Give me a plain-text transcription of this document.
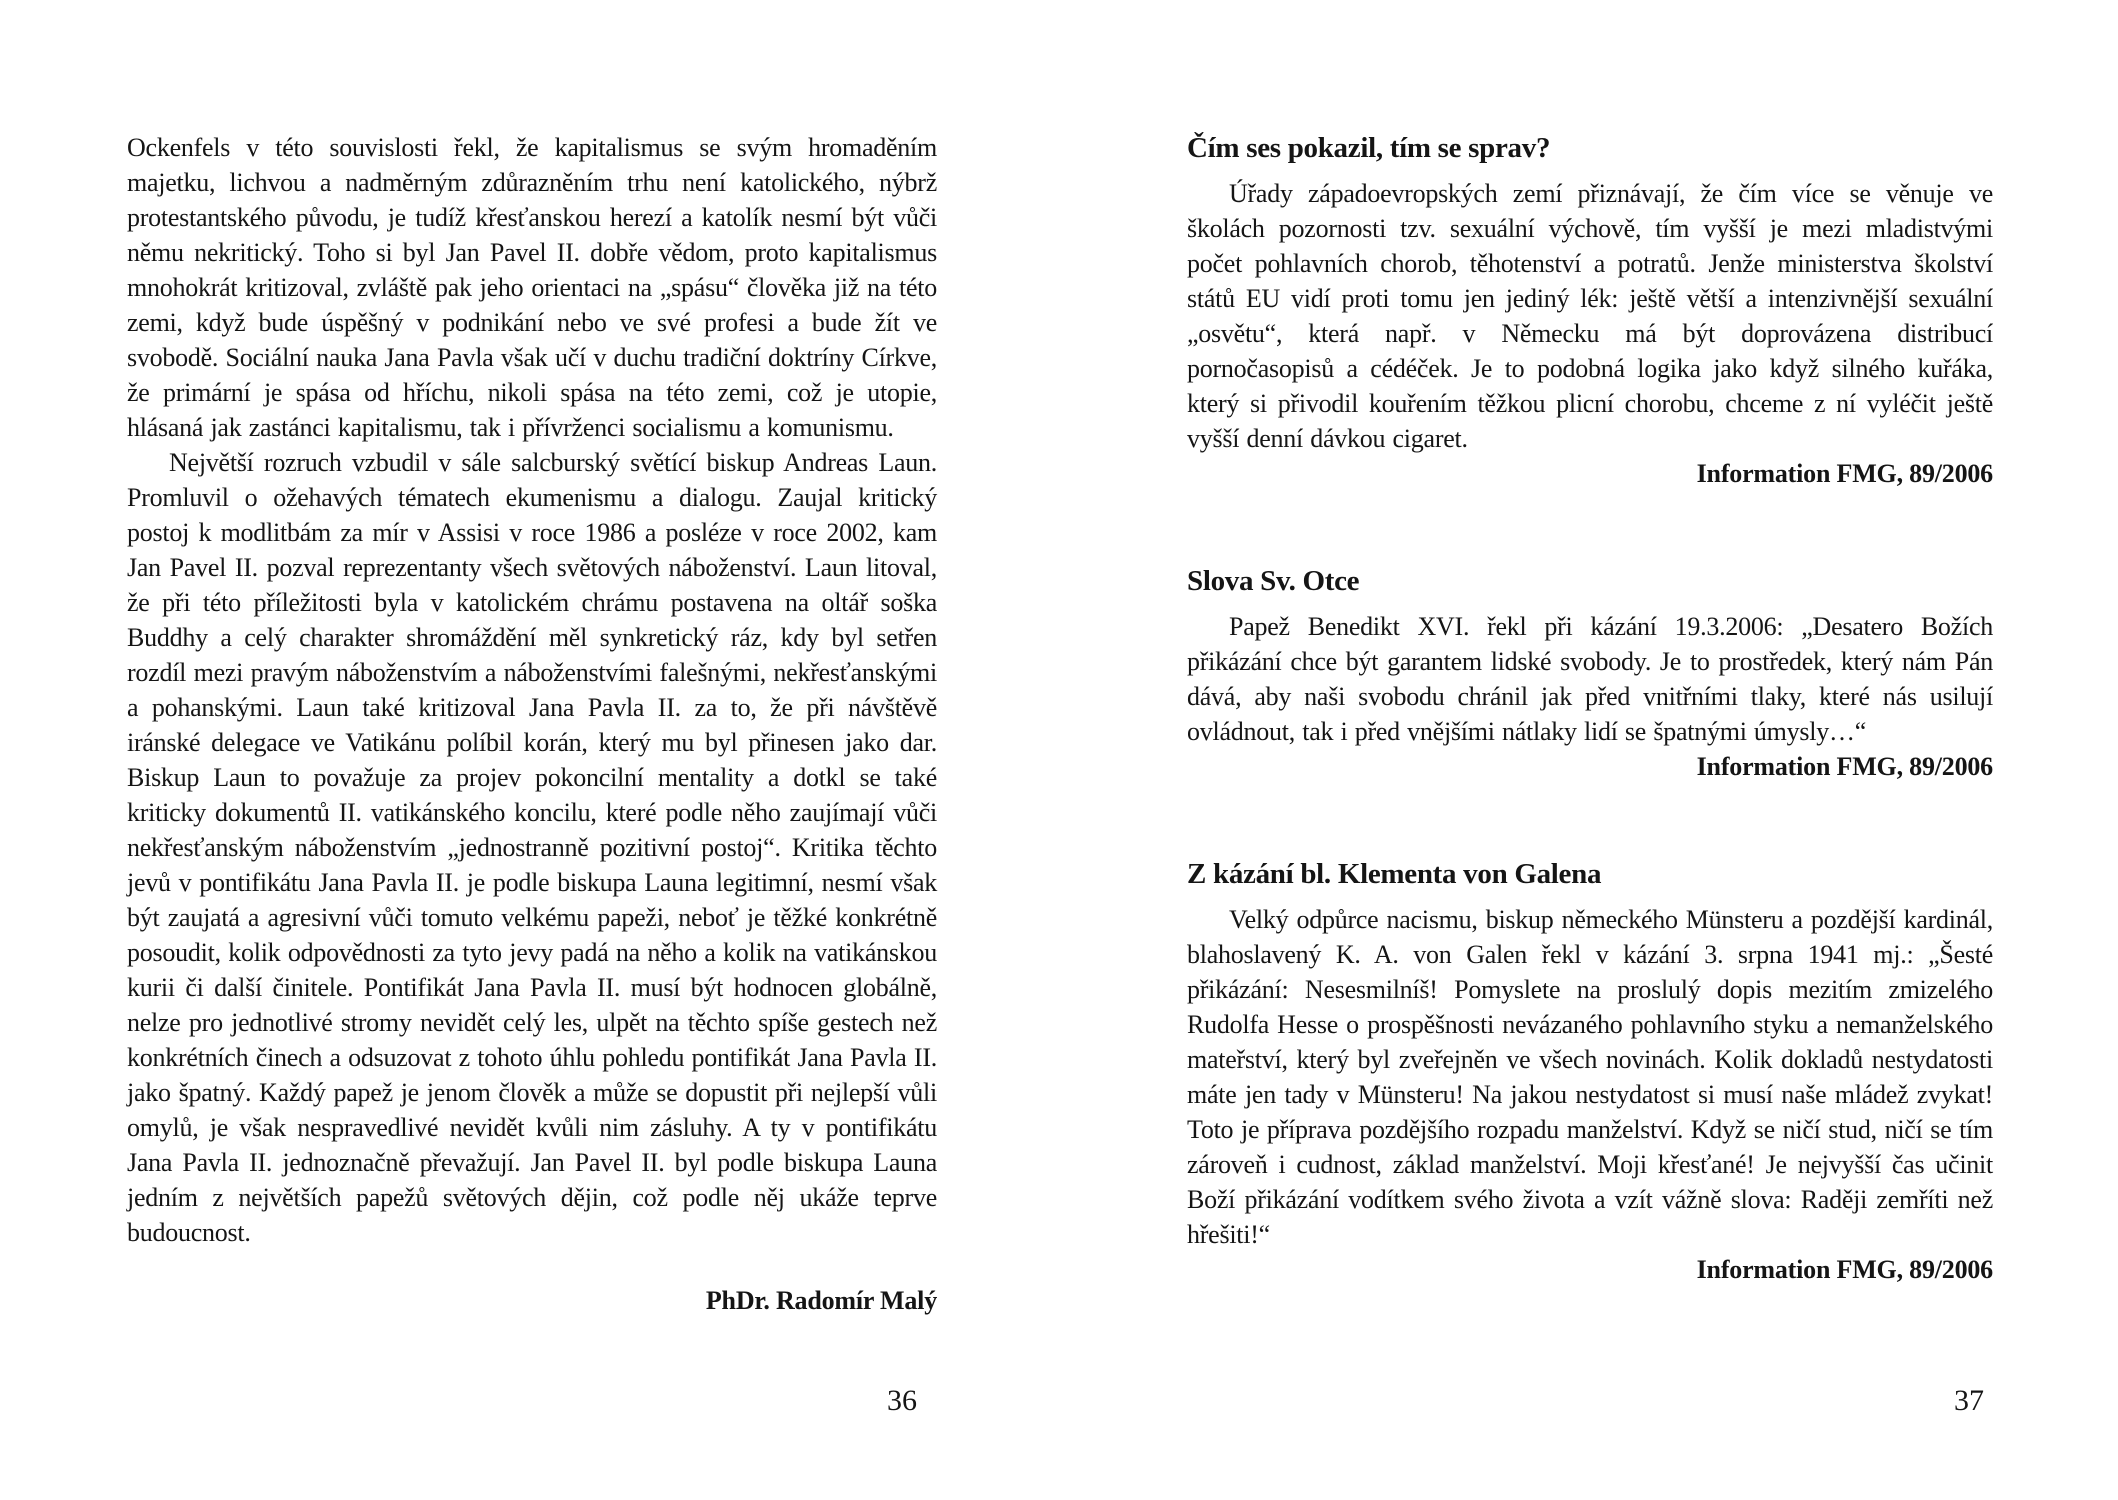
Ockenfels v této souvislosti řekl, že kapitalismus se svým hromaděním majetku, lichvou a nadměrným zdůrazněním trhu není katolického, nýbrž protestantského původu, je tudíž křesťanskou herezí a katolík nesmí být vůči němu nekritický. Toho si byl Jan Pavel II. dobře vědom, proto kapitalismus mnohokrát kritizoval, zvláště pak jeho orientaci na „spásu“ člověka již na této zemi, když bude úspěšný v podnikání nebo ve své profesi a bude žít ve svobodě. Sociální nauka Jana Pavla však učí v duchu tradiční doktríny Církve, že primární je spása od hříchu, nikoli spása na této zemi, což je utopie, hlásaná jak zastánci kapitalismu, tak i přívrženci socialismu a komunismu.

Největší rozruch vzbudil v sále salcburský světící biskup Andreas Laun. Promluvil o ožehavých tématech ekumenismu a dialogu. Zaujal kritický postoj k modlitbám za mír v Assisi v roce 1986 a posléze v roce 2002, kam Jan Pavel II. pozval reprezentanty všech světových náboženství. Laun litoval, že při této příležitosti byla v katolickém chrámu postavena na oltář soška Buddhy a celý charakter shromáždění měl synkretický ráz, kdy byl setřen rozdíl mezi pravým náboženstvím a náboženstvími falešnými, nekřesťanskými a pohanskými. Laun také kritizoval Jana Pavla II. za to, že při návštěvě iránské delegace ve Vatikánu políbil korán, který mu byl přinesen jako dar. Biskup Laun to považuje za projev pokoncilní mentality a dotkl se také kriticky dokumentů II. vatikánského koncilu, které podle něho zaujímají vůči nekřesťanským náboženstvím „jednostranně pozitivní postoj“. Kritika těchto jevů v pontifikátu Jana Pavla II. je podle biskupa Launa legitimní, nesmí však být zaujatá a agresivní vůči tomuto velkému papeži, neboť je těžké konkrétně posoudit, kolik odpovědnosti za tyto jevy padá na něho a kolik na vatikánskou kurii či další činitele. Pontifikát Jana Pavla II. musí být hodnocen globálně, nelze pro jednotlivé stromy nevidět celý les, ulpět na těchto spíše gestech než konkrétních činech a odsuzovat z tohoto úhlu pohledu pontifikát Jana Pavla II. jako špatný. Každý papež je jenom člověk a může se dopustit při nejlepší vůli omylů, je však nespravedlivé nevidět kvůli nim zásluhy. A ty v pontifikátu Jana Pavla II. jednoznačně převažují. Jan Pavel II. byl podle biskupa Launa jedním z největších papežů světových dějin, což podle něj ukáže teprve budoucnost.

PhDr. Radomír Malý

Čím ses pokazil, tím se sprav?

Úřady západoevropských zemí přiznávají, že čím více se věnuje ve školách pozornosti tzv. sexuální výchově, tím vyšší je mezi mladistvými počet pohlavních chorob, těhotenství a potratů. Jenže ministerstva školství států EU vidí proti tomu jen jediný lék: ještě větší a intenzivnější sexuální „osvětu“, která např. v Německu má být doprovázena distribucí pornočasopisů a cédéček. Je to podobná logika jako když silného kuřáka, který si přivodil kouřením těžkou plicní chorobu, chceme z ní vyléčit ještě vyšší denní dávkou cigaret.

Information FMG, 89/2006

Slova Sv. Otce

Papež Benedikt XVI. řekl při kázání 19.3.2006: „Desatero Božích přikázání chce být garantem lidské svobody. Je to prostředek, který nám Pán dává, aby naši svobodu chránil jak před vnitřními tlaky, které nás usilují ovládnout, tak i před vnějšími nátlaky lidí se špatnými úmysly…“

Information FMG, 89/2006

Z kázání bl. Klementa von Galena

Velký odpůrce nacismu, biskup německého Münsteru a pozdější kardinál, blahoslavený K. A. von Galen řekl v kázání 3. srpna 1941 mj.: „Šesté přikázání: Nesesmilníš! Pomyslete na proslulý dopis mezitím zmizelého Rudolfa Hesse o prospěšnosti nevázaného pohlavního styku a nemanželského mateřství, který byl zveřejněn ve všech novinách. Kolik dokladů nestydatosti máte jen tady v Münsteru! Na jakou nestydatost si musí naše mládež zvykat! Toto je příprava pozdějšího rozpadu manželství. Když se ničí stud, ničí se tím zároveň i cudnost, základ manželství. Moji křesťané! Je nejvyšší čas učinit Boží přikázání vodítkem svého života a vzít vážně slova: Raději zemříti než hřešiti!“

Information FMG, 89/2006

36	37
